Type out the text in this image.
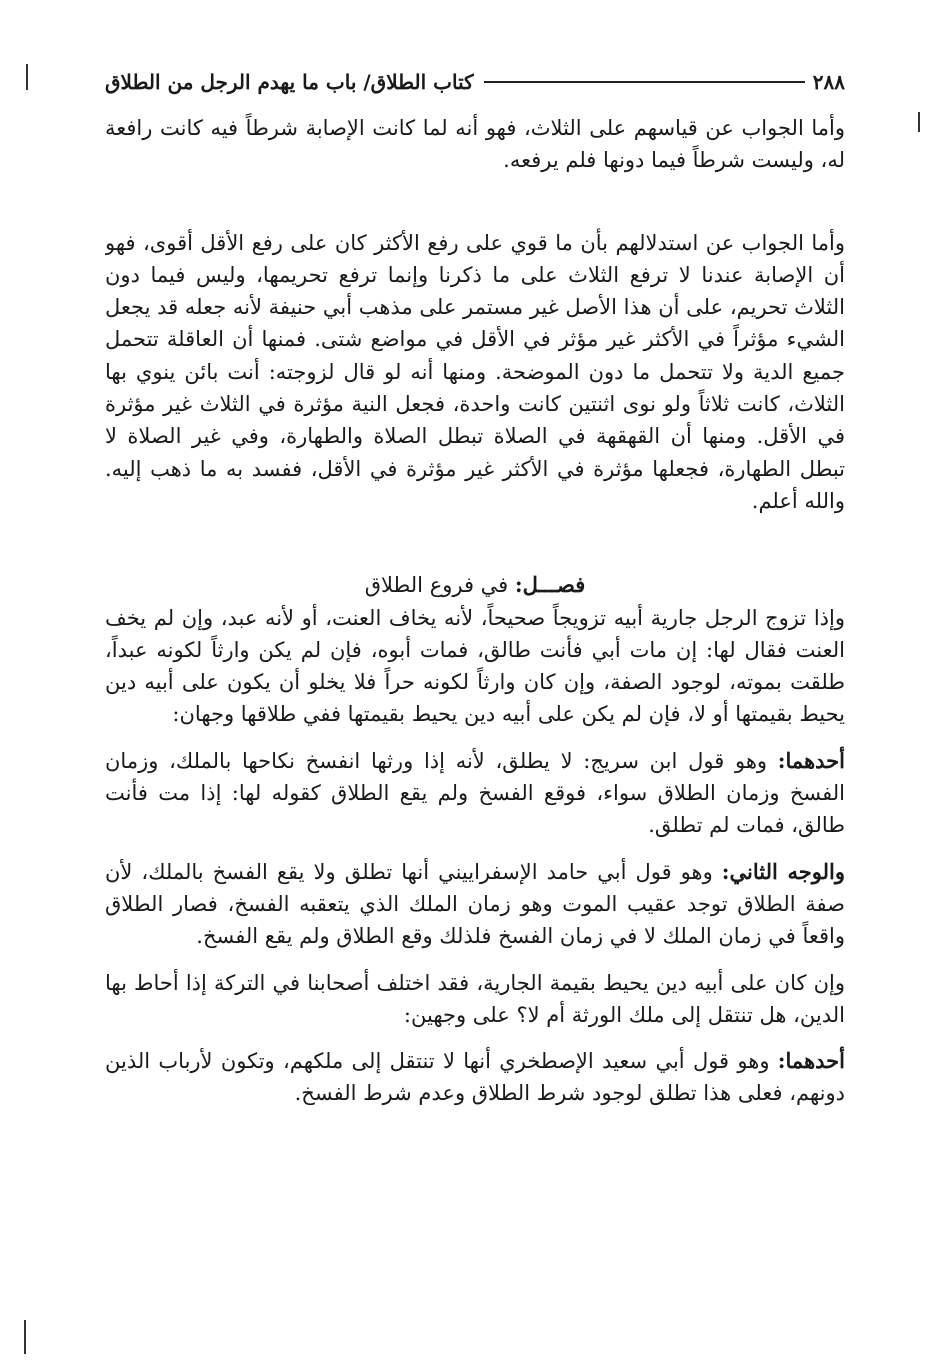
٢٨٨
كتاب الطلاق/ باب ما يهدم الرجل من الطلاق

وأما الجواب عن قياسهم على الثلاث، فهو أنه لما كانت الإصابة شرطاً فيه كانت رافعة له، وليست شرطاً فيما دونها فلم يرفعه.

وأما الجواب عن استدلالهم بأن ما قوي على رفع الأكثر كان على رفع الأقل أقوى، فهو أن الإصابة عندنا لا ترفع الثلاث على ما ذكرنا وإنما ترفع تحريمها، وليس فيما دون الثلاث تحريم، على أن هذا الأصل غير مستمر على مذهب أبي حنيفة لأنه جعله قد يجعل الشيء مؤثراً في الأكثر غير مؤثر في الأقل في مواضع شتى. فمنها أن العاقلة تتحمل جميع الدية ولا تتحمل ما دون الموضحة. ومنها أنه لو قال لزوجته: أنت بائن ينوي بها الثلاث، كانت ثلاثاً ولو نوى اثنتين كانت واحدة، فجعل النية مؤثرة في الثلاث غير مؤثرة في الأقل. ومنها أن القهقهة في الصلاة تبطل الصلاة والطهارة، وفي غير الصلاة لا تبطل الطهارة، فجعلها مؤثرة في الأكثر غير مؤثرة في الأقل، ففسد به ما ذهب إليه. والله أعلم.

فصـــل: في فروع الطلاق

وإذا تزوج الرجل جارية أبيه تزويجاً صحيحاً، لأنه يخاف العنت، أو لأنه عبد، وإن لم يخف العنت فقال لها: إن مات أبي فأنت طالق، فمات أبوه، فإن لم يكن وارثاً لكونه عبداً، طلقت بموته، لوجود الصفة، وإن كان وارثاً لكونه حراً فلا يخلو أن يكون على أبيه دين يحيط بقيمتها أو لا، فإن لم يكن على أبيه دين يحيط بقيمتها ففي طلاقها وجهان:

أحدهما: وهو قول ابن سريج: لا يطلق، لأنه إذا ورثها انفسخ نكاحها بالملك، وزمان الفسخ وزمان الطلاق سواء، فوقع الفسخ ولم يقع الطلاق كقوله لها: إذا مت فأنت طالق، فمات لم تطلق.

والوجه الثاني: وهو قول أبي حامد الإسفراييني أنها تطلق ولا يقع الفسخ بالملك، لأن صفة الطلاق توجد عقيب الموت وهو زمان الملك الذي يتعقبه الفسخ، فصار الطلاق واقعاً في زمان الملك لا في زمان الفسخ فلذلك وقع الطلاق ولم يقع الفسخ.

وإن كان على أبيه دين يحيط بقيمة الجارية، فقد اختلف أصحابنا في التركة إذا أحاط بها الدين، هل تنتقل إلى ملك الورثة أم لا؟ على وجهين:

أحدهما: وهو قول أبي سعيد الإصطخري أنها لا تنتقل إلى ملكهم، وتكون لأرباب الذين دونهم، فعلى هذا تطلق لوجود شرط الطلاق وعدم شرط الفسخ.
